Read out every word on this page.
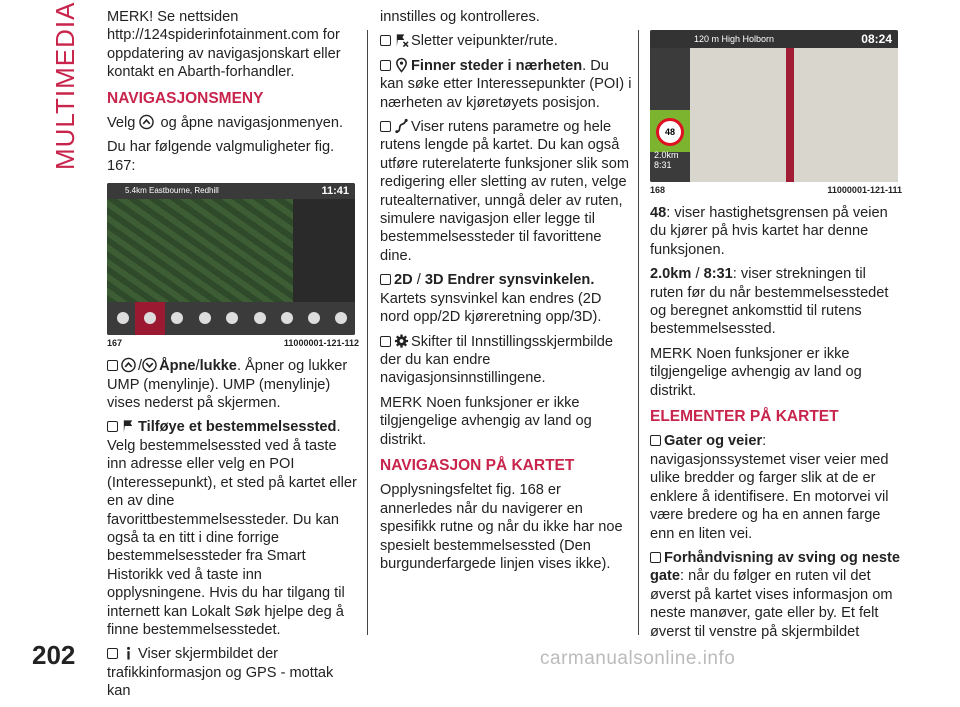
MULTIMEDIA MERK! Se nettsiden http://124spiderinfotainment.com for oppdatering av navigasjonskart eller kontakt en Abarth-forhandler.

NAVIGASJONSMENY

Velg og åpne navigasjonmenyen.

Du har følgende valgmuligheter fig. 167:

5.4km Eastbourne, Redhill	11:41
167	11000001-121-112

/ Åpne/lukke. Åpner og lukker UMP (menylinje). UMP (menylinje) vises nederst på skjermen.

Tilføye et bestemmelsessted. Velg bestemmelsessted ved å taste inn adresse eller velg en POI (Interessepunkt), et sted på kartet eller en av dine favorittbestemmelsessteder. Du kan også ta en titt i dine forrige bestemmelsessteder fra Smart Historikk ved å taste inn opplysningene. Hvis du har tilgang til internett kan Lokalt Søk hjelpe deg å finne bestemmelsesstedet.

Viser skjermbildet der trafikkinformasjon og GPS - mottak kan

innstilles og kontrolleres.

Sletter veipunkter/rute.

Finner steder i nærheten. Du kan søke etter Interessepunkter (POI) i nærheten av kjøretøyets posisjon.

Viser rutens parametre og hele rutens lengde på kartet. Du kan også utføre ruterelaterte funksjoner slik som redigering eller sletting av ruten, velge rutealternativer, unngå deler av ruten, simulere navigasjon eller legge til bestemmelsessteder til favorittene dine.

2D / 3D Endrer synsvinkelen.
Kartets synsvinkel kan endres (2D nord opp/2D kjøreretning opp/3D).

Skifter til Innstillingsskjermbilde der du kan endre navigasjonsinnstillingene.

MERK Noen funksjoner er ikke tilgjengelige avhengig av land og distrikt.

NAVIGASJON PÅ KARTET

Opplysningsfeltet fig. 168 er annerledes når du navigerer en spesifikk rutne og når du ikke har noe spesielt bestemmelsessted (Den burgunderfargede linjen vises ikke).

120 m High Holborn	08:24
48
2.0km
8:31
168	11000001-121-111

48: viser hastighetsgrensen på veien du kjører på hvis kartet har denne funksjonen.

2.0km / 8:31: viser strekningen til ruten før du når bestemmelsesstedet og beregnet ankomsttid til rutens bestemmelsessted.

MERK Noen funksjoner er ikke tilgjengelige avhengig av land og distrikt.

ELEMENTER PÅ KARTET

Gater og veier: navigasjonssystemet viser veier med ulike bredder og farger slik at de er enklere å identifisere. En motorvei vil være bredere og ha en annen farge enn en liten vei.

Forhåndvisning av sving og neste gate: når du følger en ruten vil det øverst på kartet vises informasjon om neste manøver, gate eller by. Et felt øverst til venstre på skjermbildet

202	carmanualsonline.info
